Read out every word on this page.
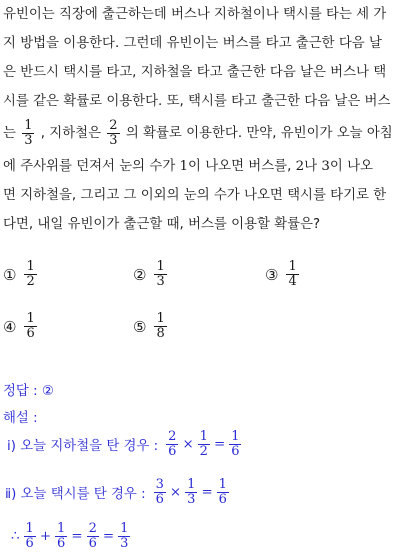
유빈이는 직장에 출근하는데 버스나 지하철이나 택시를 타는 세 가
지 방법을 이용한다. 그런데 유빈이는 버스를 타고 출근한 다음 날
은 반드시 택시를 타고, 지하철을 타고 출근한 다음 날은 버스나 택
시를 같은 확률로 이용한다. 또, 택시를 타고 출근한 다음 날은 버스
는 $\frac{1}{3}$ , 지하철은 $\frac{2}{3}$ 의 확률로 이용한다. 만약, 유빈이가 오늘 아침
에 주사위를 던져서 눈의 수가 1이 나오면 버스를, 2나 3이 나오
면 지하철을, 그리고 그 이외의 눈의 수가 나오면 택시를 타기로 한
다면, 내일 유빈이가 출근할 때, 버스를 이용할 확률은?
① $\frac{1}{2}$	② $\frac{1}{3}$	③ $\frac{1}{4}$
④ $\frac{1}{6}$	⑤ $\frac{1}{8}$
정답 : ②
해설 :
ⅰ) 오늘 지하철을 탄 경우 : $\frac{2}{6} \times \frac{1}{2} = \frac{1}{6}$
ⅱ) 오늘 택시를 탄 경우 : $\frac{3}{6} \times \frac{1}{3} = \frac{1}{6}$
∴ $\frac{1}{6} + \frac{1}{6} = \frac{2}{6} = \frac{1}{3}$
